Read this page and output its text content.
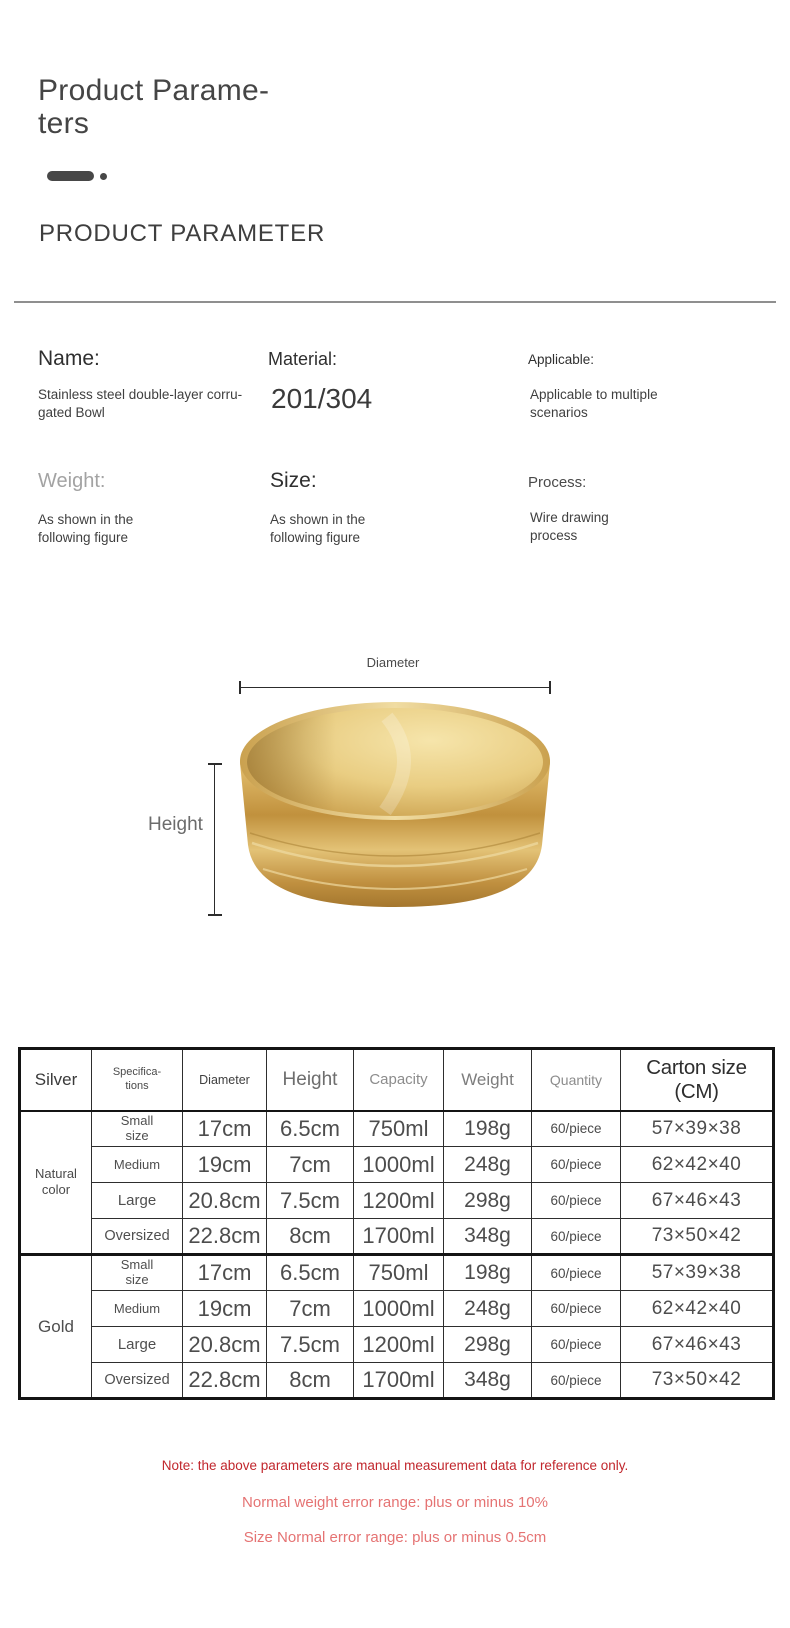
Product Parame-
ters
PRODUCT PARAMETER
Name:
Stainless steel double-layer corru-gated Bowl
Material:
201/304
Applicable:
Applicable to multiple scenarios
Weight:
As shown in the following figure
Size:
As shown in the following figure
Process:
Wire drawing process
Diameter
Height
Silver	Specifica-tions	Diameter	Height	Capacity	Weight	Quantity	Carton size (CM)
Natural color	Small size	17cm	6.5cm	750ml	198g	60/piece	57×39×38
	Medium	19cm	7cm	1000ml	248g	60/piece	62×42×40
	Large	20.8cm	7.5cm	1200ml	298g	60/piece	67×46×43
	Oversized	22.8cm	8cm	1700ml	348g	60/piece	73×50×42
Gold	Small size	17cm	6.5cm	750ml	198g	60/piece	57×39×38
	Medium	19cm	7cm	1000ml	248g	60/piece	62×42×40
	Large	20.8cm	7.5cm	1200ml	298g	60/piece	67×46×43
	Oversized	22.8cm	8cm	1700ml	348g	60/piece	73×50×42
Note: the above parameters are manual measurement data for reference only.
Normal weight error range: plus or minus 10%
Size Normal error range: plus or minus 0.5cm
